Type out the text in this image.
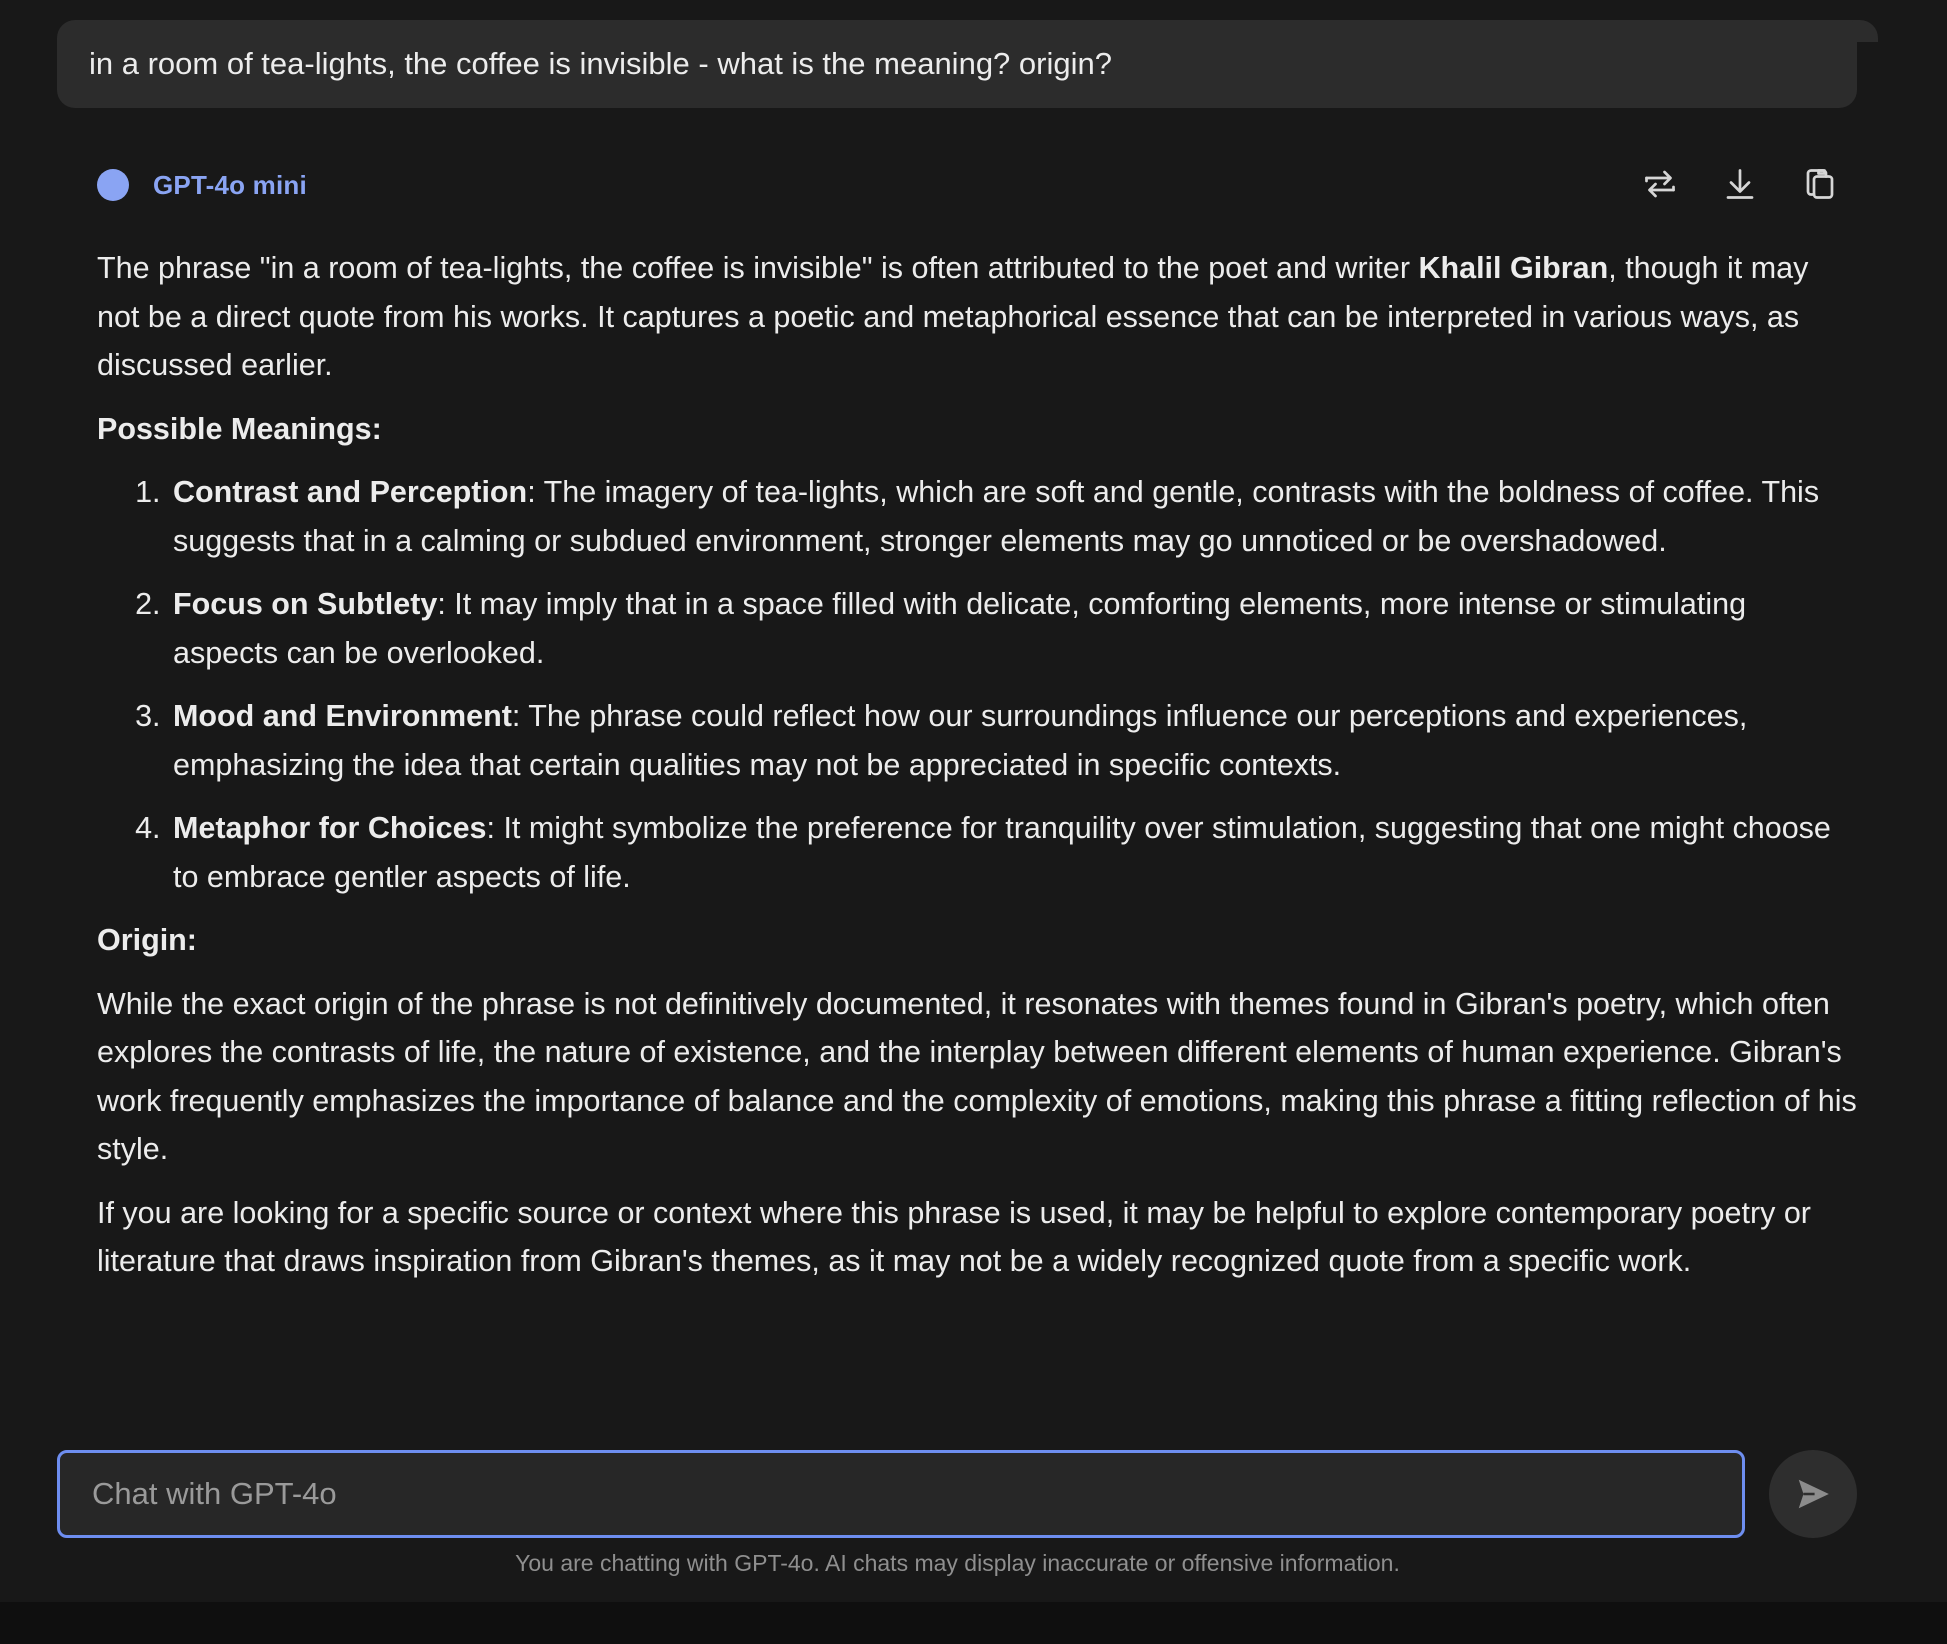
in a room of tea-lights, the coffee is invisible - what is the meaning? origin?
GPT-4o mini

The phrase "in a room of tea-lights, the coffee is invisible" is often attributed to the poet and writer Khalil Gibran, though it may not be a direct quote from his works. It captures a poetic and metaphorical essence that can be interpreted in various ways, as discussed earlier.

Possible Meanings:
1. Contrast and Perception: The imagery of tea-lights, which are soft and gentle, contrasts with the boldness of coffee. This suggests that in a calming or subdued environment, stronger elements may go unnoticed or be overshadowed.
2. Focus on Subtlety: It may imply that in a space filled with delicate, comforting elements, more intense or stimulating aspects can be overlooked.
3. Mood and Environment: The phrase could reflect how our surroundings influence our perceptions and experiences, emphasizing the idea that certain qualities may not be appreciated in specific contexts.
4. Metaphor for Choices: It might symbolize the preference for tranquility over stimulation, suggesting that one might choose to embrace gentler aspects of life.
Origin:

While the exact origin of the phrase is not definitively documented, it resonates with themes found in Gibran's poetry, which often explores the contrasts of life, the nature of existence, and the interplay between different elements of human experience. Gibran's work frequently emphasizes the importance of balance and the complexity of emotions, making this phrase a fitting reflection of his style.

If you are looking for a specific source or context where this phrase is used, it may be helpful to explore contemporary poetry or literature that draws inspiration from Gibran's themes, as it may not be a widely recognized quote from a specific work.

Chat with GPT-4o
You are chatting with GPT-4o. AI chats may display inaccurate or offensive information.
